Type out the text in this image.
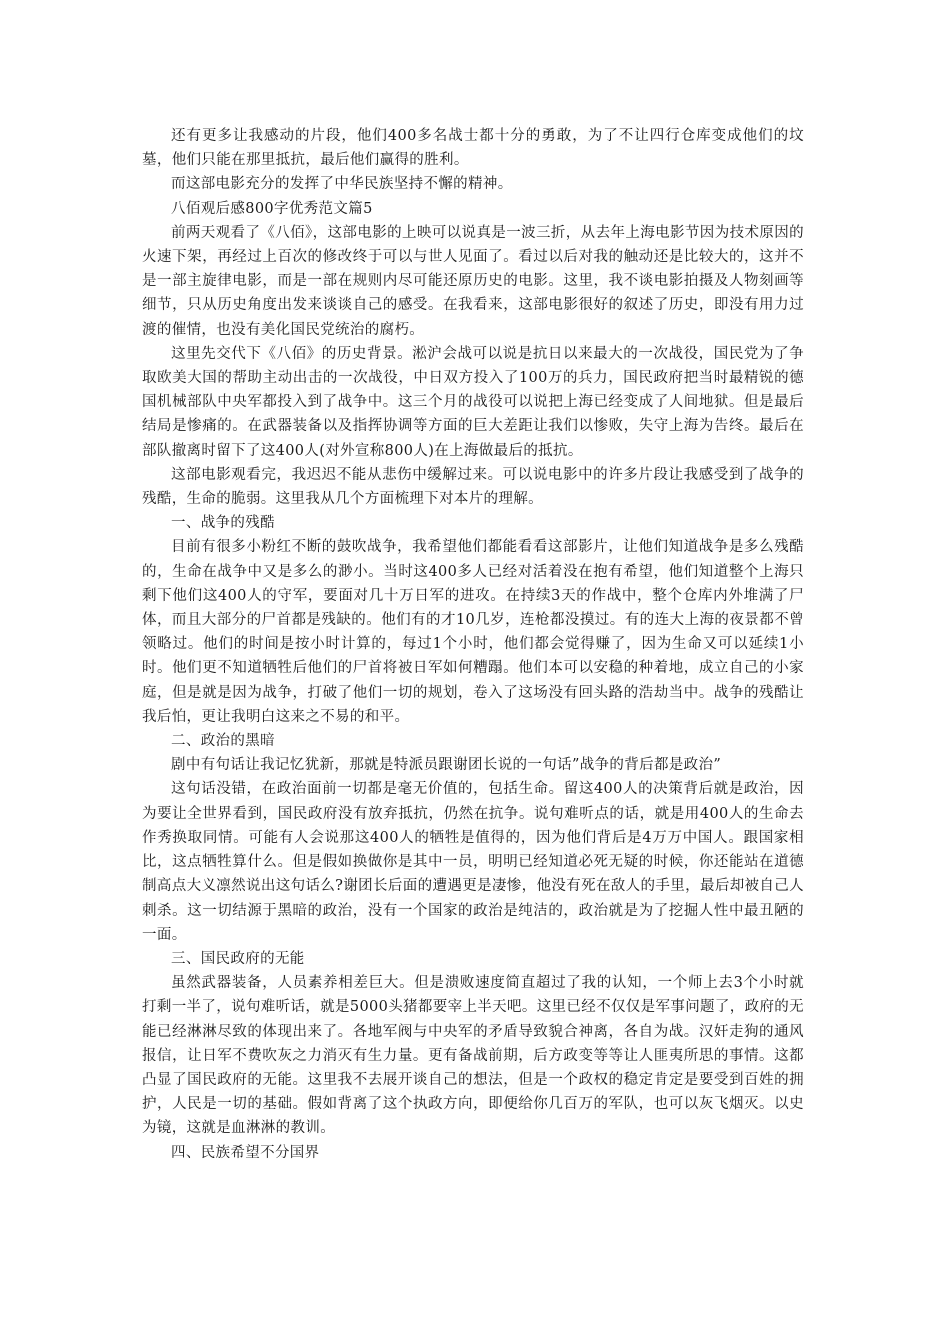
还有更多让我感动的片段，他们400多名战士都十分的勇敢，为了不让四行仓库变成他们的坟墓，他们只能在那里抵抗，最后他们赢得的胜利。

而这部电影充分的发挥了中华民族坚持不懈的精神。

八佰观后感800字优秀范文篇5

前两天观看了《八佰》，这部电影的上映可以说真是一波三折，从去年上海电影节因为技术原因的火速下架，再经过上百次的修改终于可以与世人见面了。看过以后对我的触动还是比较大的，这并不是一部主旋律电影，而是一部在规则内尽可能还原历史的电影。这里，我不谈电影拍摄及人物刻画等细节，只从历史角度出发来谈谈自己的感受。在我看来，这部电影很好的叙述了历史，即没有用力过渡的催情，也没有美化国民党统治的腐朽。

这里先交代下《八佰》的历史背景。淞沪会战可以说是抗日以来最大的一次战役，国民党为了争取欧美大国的帮助主动出击的一次战役，中日双方投入了100万的兵力，国民政府把当时最精锐的德国机械部队中央军都投入到了战争中。这三个月的战役可以说把上海已经变成了人间地狱。但是最后结局是惨痛的。在武器装备以及指挥协调等方面的巨大差距让我们以惨败，失守上海为告终。最后在部队撤离时留下了这400人(对外宣称800人)在上海做最后的抵抗。

这部电影观看完，我迟迟不能从悲伤中缓解过来。可以说电影中的许多片段让我感受到了战争的残酷，生命的脆弱。这里我从几个方面梳理下对本片的理解。

一、战争的残酷

目前有很多小粉红不断的鼓吹战争，我希望他们都能看看这部影片，让他们知道战争是多么残酷的，生命在战争中又是多么的渺小。当时这400多人已经对活着没在抱有希望，他们知道整个上海只剩下他们这400人的守军，要面对几十万日军的进攻。在持续3天的作战中，整个仓库内外堆满了尸体，而且大部分的尸首都是残缺的。他们有的才10几岁，连枪都没摸过。有的连大上海的夜景都不曾领略过。他们的时间是按小时计算的，每过1个小时，他们都会觉得赚了，因为生命又可以延续1小时。他们更不知道牺牲后他们的尸首将被日军如何糟蹋。他们本可以安稳的种着地，成立自己的小家庭，但是就是因为战争，打破了他们一切的规划，卷入了这场没有回头路的浩劫当中。战争的残酷让我后怕，更让我明白这来之不易的和平。

二、政治的黑暗

剧中有句话让我记忆犹新，那就是特派员跟谢团长说的一句话”战争的背后都是政治”

这句话没错，在政治面前一切都是毫无价值的，包括生命。留这400人的决策背后就是政治，因为要让全世界看到，国民政府没有放弃抵抗，仍然在抗争。说句难听点的话，就是用400人的生命去作秀换取同情。可能有人会说那这400人的牺牲是值得的，因为他们背后是4万万中国人。跟国家相比，这点牺牲算什么。但是假如换做你是其中一员，明明已经知道必死无疑的时候，你还能站在道德制高点大义凛然说出这句话么?谢团长后面的遭遇更是凄惨，他没有死在敌人的手里，最后却被自己人刺杀。这一切结源于黑暗的政治，没有一个国家的政治是纯洁的，政治就是为了挖掘人性中最丑陋的一面。

三、国民政府的无能

虽然武器装备，人员素养相差巨大。但是溃败速度简直超过了我的认知，一个师上去3个小时就打剩一半了，说句难听话，就是5000头猪都要宰上半天吧。这里已经不仅仅是军事问题了，政府的无能已经淋淋尽致的体现出来了。各地军阀与中央军的矛盾导致貌合神离，各自为战。汉奸走狗的通风报信，让日军不费吹灰之力消灭有生力量。更有备战前期，后方政变等等让人匪夷所思的事情。这都凸显了国民政府的无能。这里我不去展开谈自己的想法，但是一个政权的稳定肯定是要受到百姓的拥护，人民是一切的基础。假如背离了这个执政方向，即便给你几百万的军队，也可以灰飞烟灭。以史为镜，这就是血淋淋的教训。

四、民族希望不分国界
